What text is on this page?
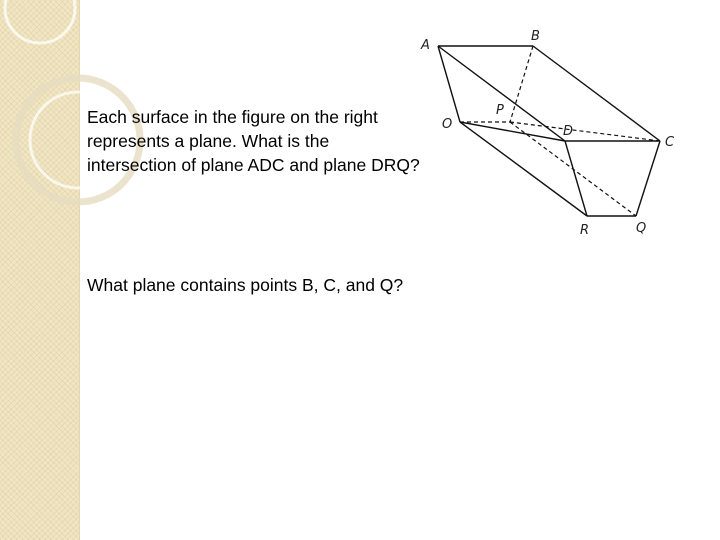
Each surface in the figure on the right
represents a plane. What is the
intersection of plane ADC and plane DRQ?

What plane contains points B, C, and Q?

A
B
C
D
O
P
Q
R
